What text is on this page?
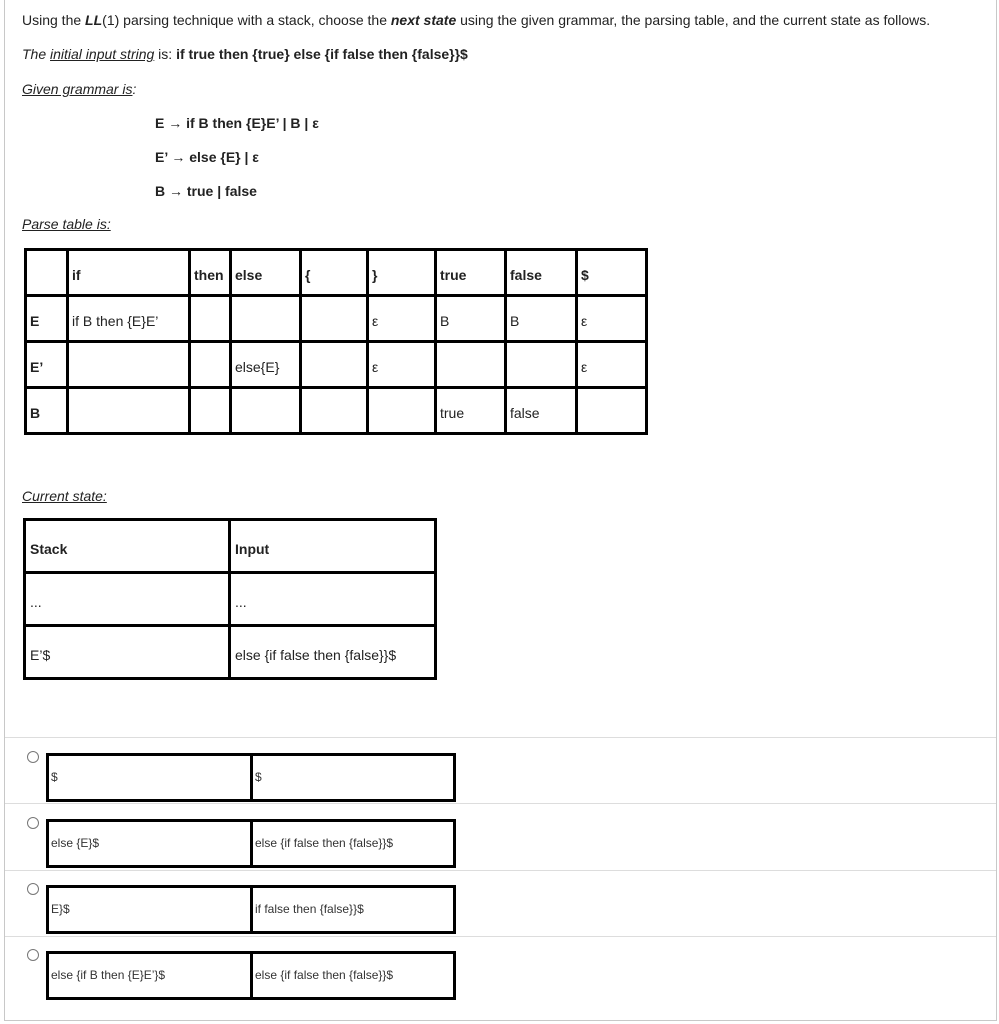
Using the LL(1) parsing technique with a stack, choose the next state using the given grammar, the parsing table, and the current state as follows.
The initial input string is: if true then {true} else {if false then {false}}$
Given grammar is:
E → if B then {E}E’ | B | ε
E’ → else {E} | ε
B → true | false
Parse table is:
	if	then	else	{	}	true	false	$
E	if B then {E}E’				ε	B	B	ε
E’			else{E}		ε			ε
B						true	false	
Current state:
Stack	Input
...	...
E’$	else {if false then {false}}$
$	$
else {E}$	else {if false then {false}}$
E}$	if false then {false}}$
else {if B then {E}E’}$	else {if false then {false}}$
